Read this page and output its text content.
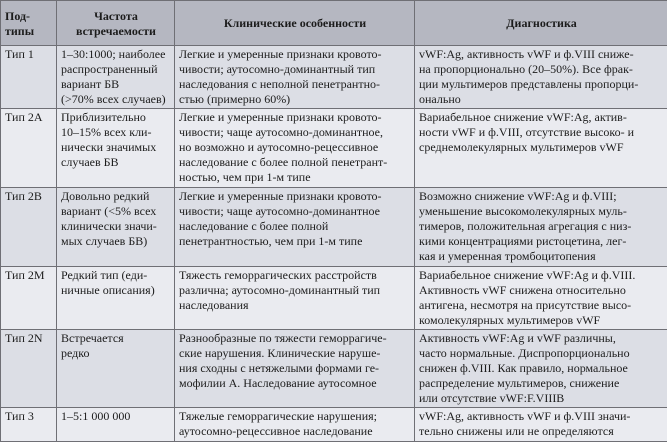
Под-
типы	Частота
встречаемости	Клинические особенности	Диагностика

Тип 1	1–30:1000; наиболее
распространенный
вариант БВ
(>70% всех случаев)	Легкие и умеренные признаки кровото-
чивости; аутосомно-доминантный тип
наследования с неполной пенетрантно-
стью (примерно 60%)	vWF:Ag, активность vWF и ф.VIII сниже-
на пропорционально (20–50%). Все фрак-
ции мультимеров представлены пропорци-
онально

Тип 2А	Приблизительно
10–15% всех кли-
нически значимых
случаев БВ	Легкие и умеренные признаки кровото-
чивости; чаще аутосомно-доминантное,
но возможно и аутосомно-рецессивное
наследование с более полной пенетрант-
ностью, чем при 1-м типе	Вариабельное снижение vWF:Ag, актив-
ности vWF и ф.VIII, отсутствие высоко- и
среднемолекулярных мультимеров vWF

Тип 2В	Довольно редкий
вариант (<5% всех
клинически значи-
мых случаев БВ)	Легкие и умеренные признаки кровото-
чивости; чаще аутосомно-доминантное
наследование с более полной
пенетрантностью, чем при 1-м типе	Возможно снижение vWF:Ag и ф.VIII;
уменьшение высокомолекулярных муль-
тимеров, положительная агрегация с низ-
кими концентрациями ристоцетина, лег-
кая и умеренная тромбоцитопения

Тип 2М	Редкий тип (еди-
ничные описания)	Тяжесть геморрагических расстройств
различна; аутосомно-доминантный тип
наследования	Вариабельное снижение vWF:Ag и ф.VIII.
Активность vWF снижена относительно
антигена, несмотря на присутствие высо-
комолекулярных мультимеров vWF

Тип 2N	Встречается
редко	Разнообразные по тяжести геморрагиче-
ские нарушения. Клинические наруше-
ния сходны с нетяжелыми формами ге-
мофилии А. Наследование аутосомное	Активность vWF:Ag и vWF различны,
часто нормальные. Диспропорционально
снижен ф.VIII. Как правило, нормальное
распределение мультимеров, снижение
или отсутствие vWF:F.VIIIB

Тип 3	1–5:1 000 000	Тяжелые геморрагические нарушения;
аутосомно-рецессивное наследование	vWF:Ag, активность vWF и ф.VIII значи-
тельно снижены или не определяются
